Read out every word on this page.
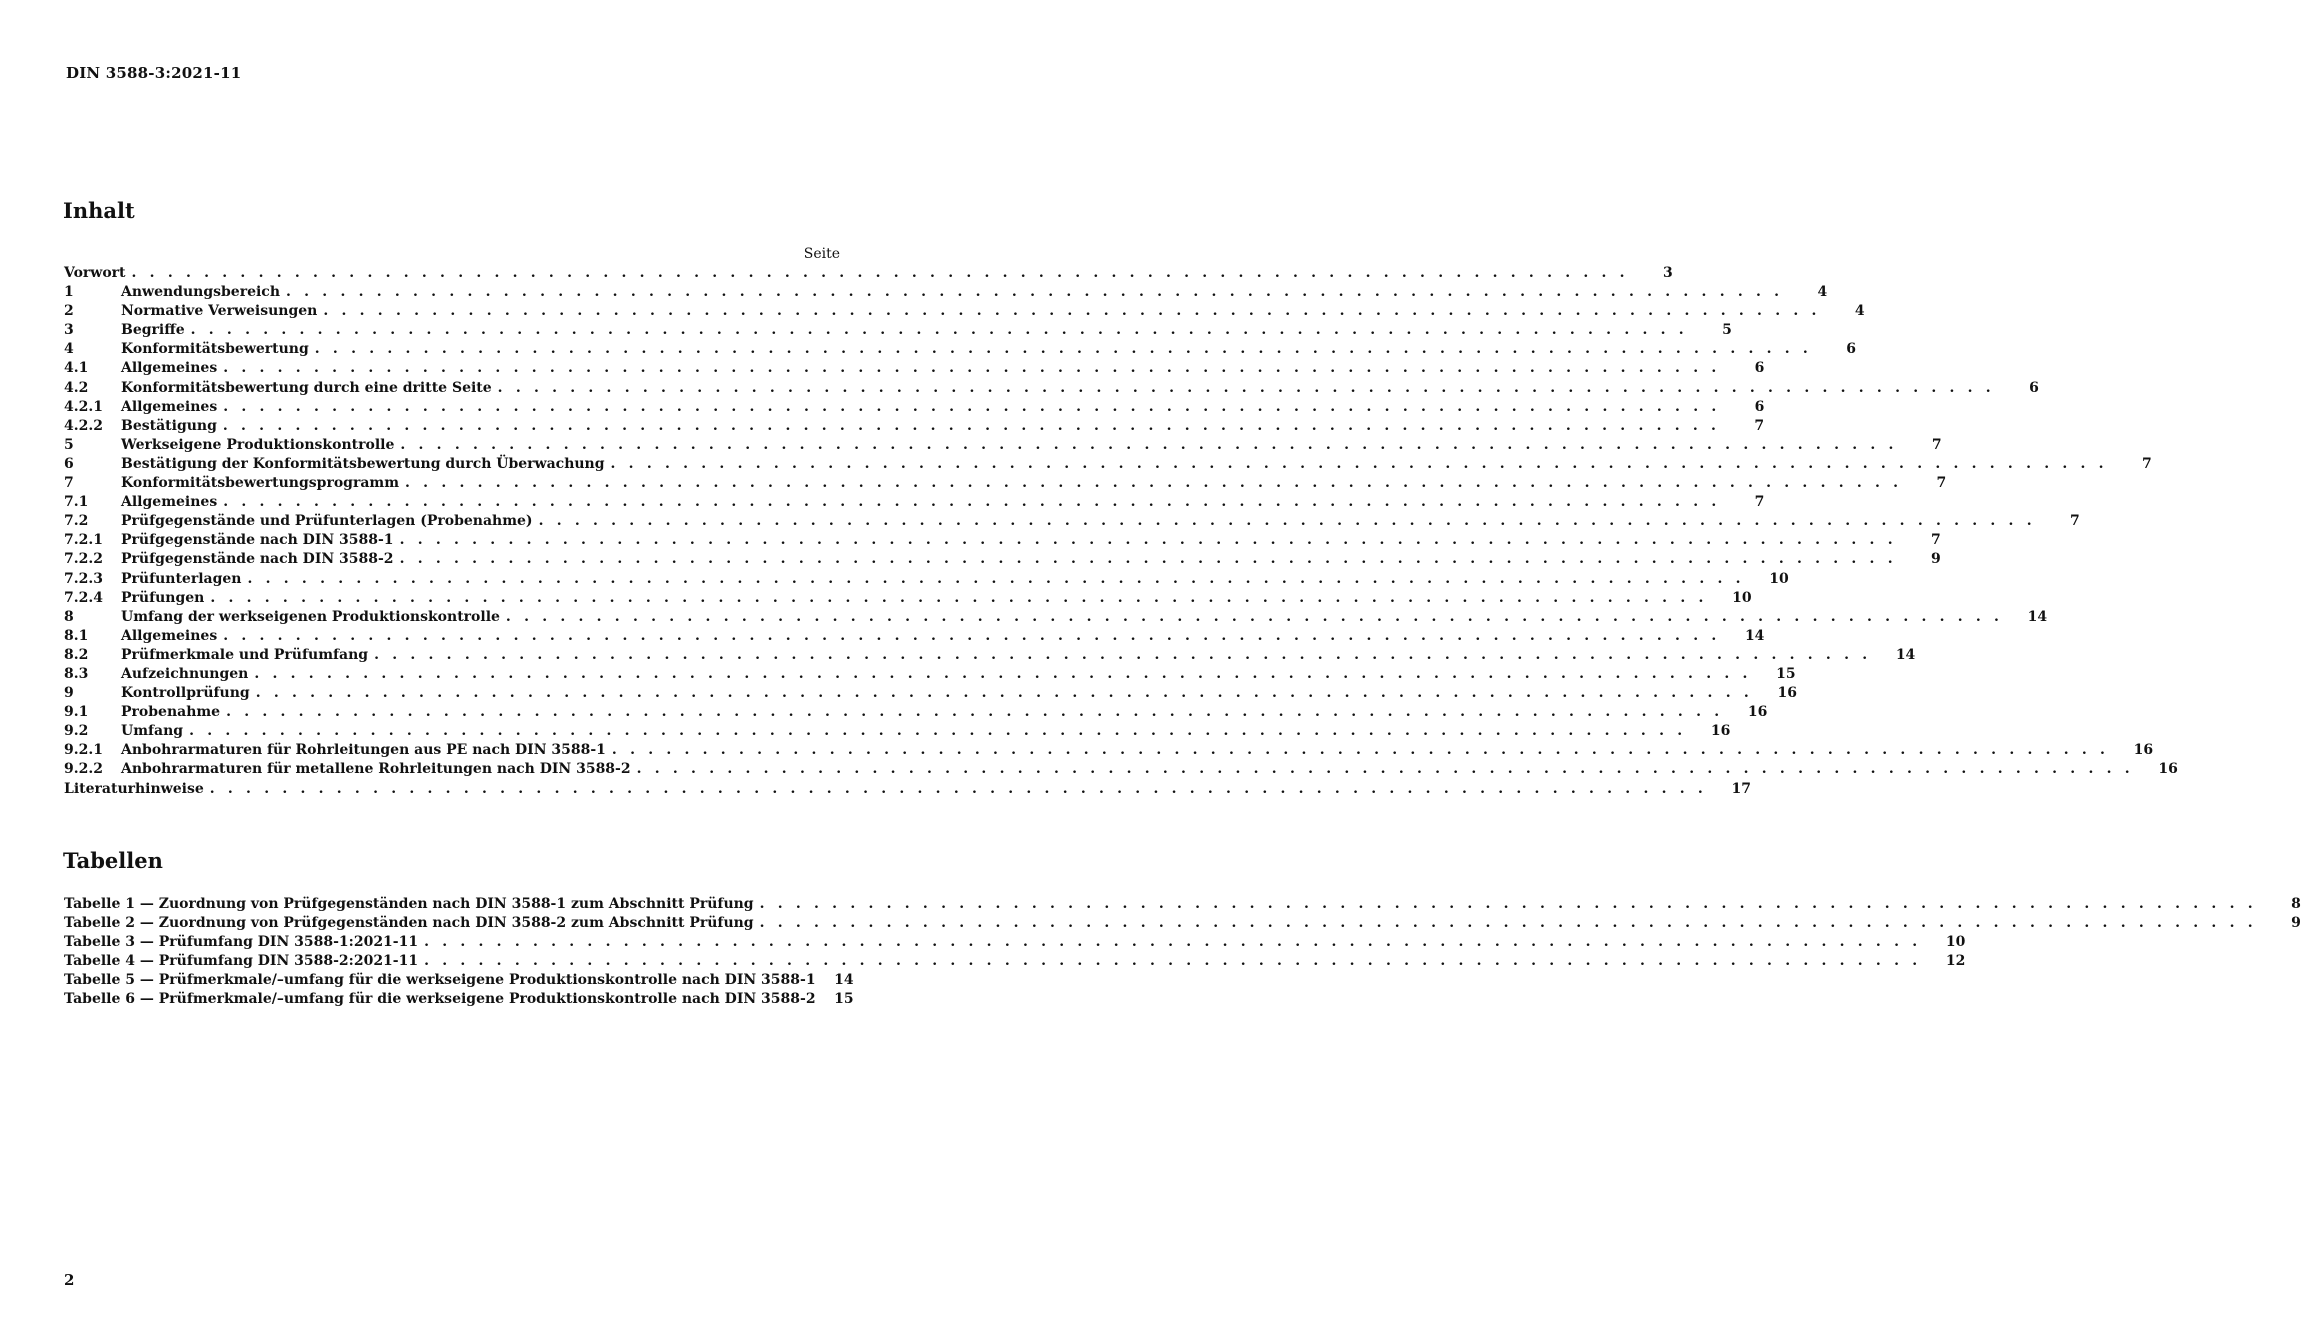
DIN 3588-3:2021-11
Inhalt
Seite
Vorwort . . .	3
1	Anwendungsbereich . . .	4
2	Normative Verweisungen . . .	4
3	Begriffe . . .	5
4	Konformitätsbewertung . . .	6
4.1	Allgemeines . . .	6
4.2	Konformitätsbewertung durch eine dritte Seite . . .	6
4.2.1	Allgemeines . . .	6
4.2.2	Bestätigung . . .	7
5	Werkseigene Produktionskontrolle . . .	7
6	Bestätigung der Konformitätsbewertung durch Überwachung . . .	7
7	Konformitätsbewertungsprogramm . . .	7
7.1	Allgemeines . . .	7
7.2	Prüfgegenstände und Prüfunterlagen (Probenahme) . . .	7
7.2.1	Prüfgegenstände nach DIN 3588-1 . . .	7
7.2.2	Prüfgegenstände nach DIN 3588-2 . . .	9
7.2.3	Prüfunterlagen . . .	10
7.2.4	Prüfungen . . .	10
8	Umfang der werkseigenen Produktionskontrolle . . .	14
8.1	Allgemeines . . .	14
8.2	Prüfmerkmale und Prüfumfang . . .	14
8.3	Aufzeichnungen . . .	15
9	Kontrollprüfung . . .	16
9.1	Probenahme . . .	16
9.2	Umfang . . .	16
9.2.1	Anbohrarmaturen für Rohrleitungen aus PE nach DIN 3588-1 . . .	16
9.2.2	Anbohrarmaturen für metallene Rohrleitungen nach DIN 3588-2 . . .	16
Literaturhinweise . . .	17
Tabellen
Tabelle 1 — Zuordnung von Prüfgegenständen nach DIN 3588-1 zum Abschnitt Prüfung . . .	8
Tabelle 2 — Zuordnung von Prüfgegenständen nach DIN 3588-2 zum Abschnitt Prüfung . . .	9
Tabelle 3 — Prüfumfang DIN 3588-1:2021-11 . . .	10
Tabelle 4 — Prüfumfang DIN 3588-2:2021-11 . . .	12
Tabelle 5 — Prüfmerkmale/–umfang für die werkseigene Produktionskontrolle nach DIN 3588-1	14
Tabelle 6 — Prüfmerkmale/–umfang für die werkseigene Produktionskontrolle nach DIN 3588-2	15
2
